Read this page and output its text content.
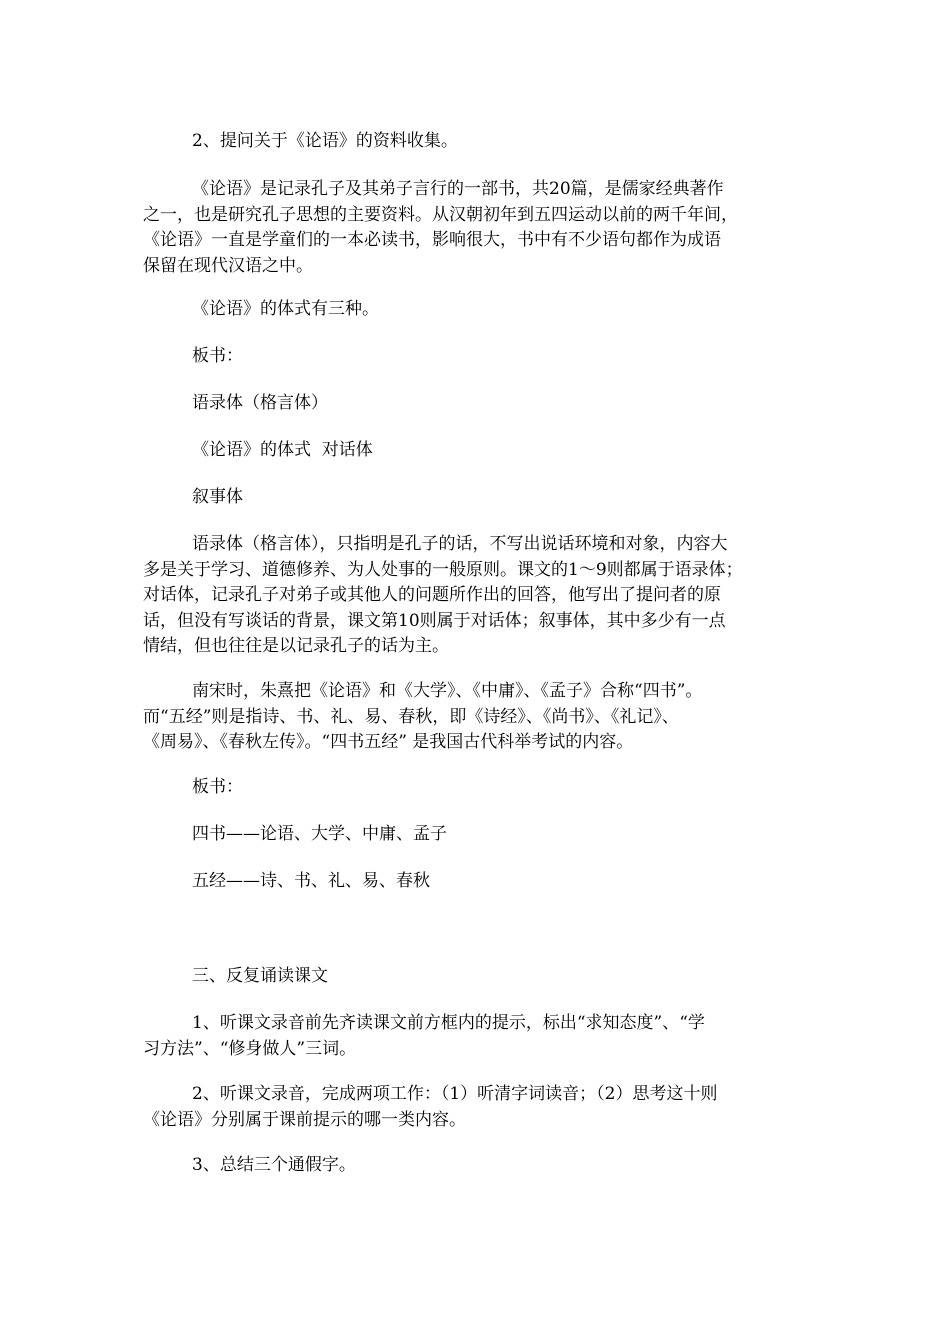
2、提问关于《论语》的资料收集。

《论语》是记录孔子及其弟子言行的一部书，共20篇，是儒家经典著作
之一，也是研究孔子思想的主要资料。从汉朝初年到五四运动以前的两千年间，
《论语》一直是学童们的一本必读书，影响很大，书中有不少语句都作为成语
保留在现代汉语之中。

《论语》的体式有三种。

板书：

语录体（格言体）

《论语》的体式  对话体

叙事体

语录体（格言体），只指明是孔子的话，不写出说话环境和对象，内容大
多是关于学习、道德修养、为人处事的一般原则。课文的1～9则都属于语录体；
对话体，记录孔子对弟子或其他人的问题所作出的回答，他写出了提问者的原
话，但没有写谈话的背景，课文第10则属于对话体；叙事体，其中多少有一点
情结，但也往往是以记录孔子的话为主。

南宋时，朱熹把《论语》和《大学》、《中庸》、《孟子》合称“四书”。
而“五经”则是指诗、书、礼、易、春秋，即《诗经》、《尚书》、《礼记》、
《周易》、《春秋左传》。“四书五经” 是我国古代科举考试的内容。

板书：

四书——论语、大学、中庸、孟子

五经——诗、书、礼、易、春秋

三、反复诵读课文

1、听课文录音前先齐读课文前方框内的提示，标出“求知态度”、“学
习方法”、“修身做人”三词。

2、听课文录音，完成两项工作：（1）听清字词读音；（2）思考这十则
《论语》分别属于课前提示的哪一类内容。

3、总结三个通假字。
